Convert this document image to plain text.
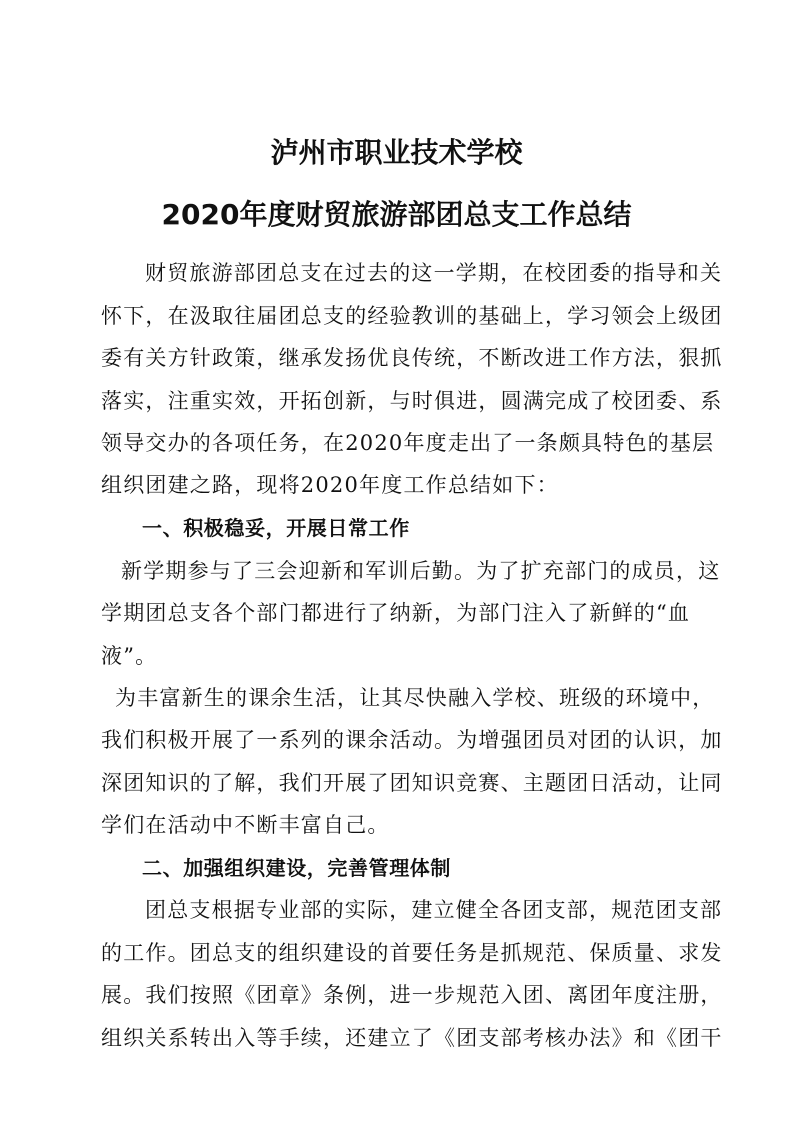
泸州市职业技术学校
2020年度财贸旅游部团总支工作总结
财贸旅游部团总支在过去的这一学期，在校团委的指导和关
怀下，在汲取往届团总支的经验教训的基础上，学习领会上级团
委有关方针政策，继承发扬优良传统，不断改进工作方法，狠抓
落实，注重实效，开拓创新，与时俱进，圆满完成了校团委、系
领导交办的各项任务，在2020年度走出了一条颇具特色的基层
组织团建之路，现将2020年度工作总结如下：
一、积极稳妥，开展日常工作
新学期参与了三会迎新和军训后勤。为了扩充部门的成员，这
学期团总支各个部门都进行了纳新，为部门注入了新鲜的“血
液”。
为丰富新生的课余生活，让其尽快融入学校、班级的环境中，
我们积极开展了一系列的课余活动。为增强团员对团的认识，加
深团知识的了解，我们开展了团知识竞赛、主题团日活动，让同
学们在活动中不断丰富自己。
二、加强组织建设，完善管理体制
团总支根据专业部的实际，建立健全各团支部，规范团支部
的工作。团总支的组织建设的首要任务是抓规范、保质量、求发
展。我们按照《团章》条例，进一步规范入团、离团年度注册，
组织关系转出入等手续，还建立了《团支部考核办法》和《团干
